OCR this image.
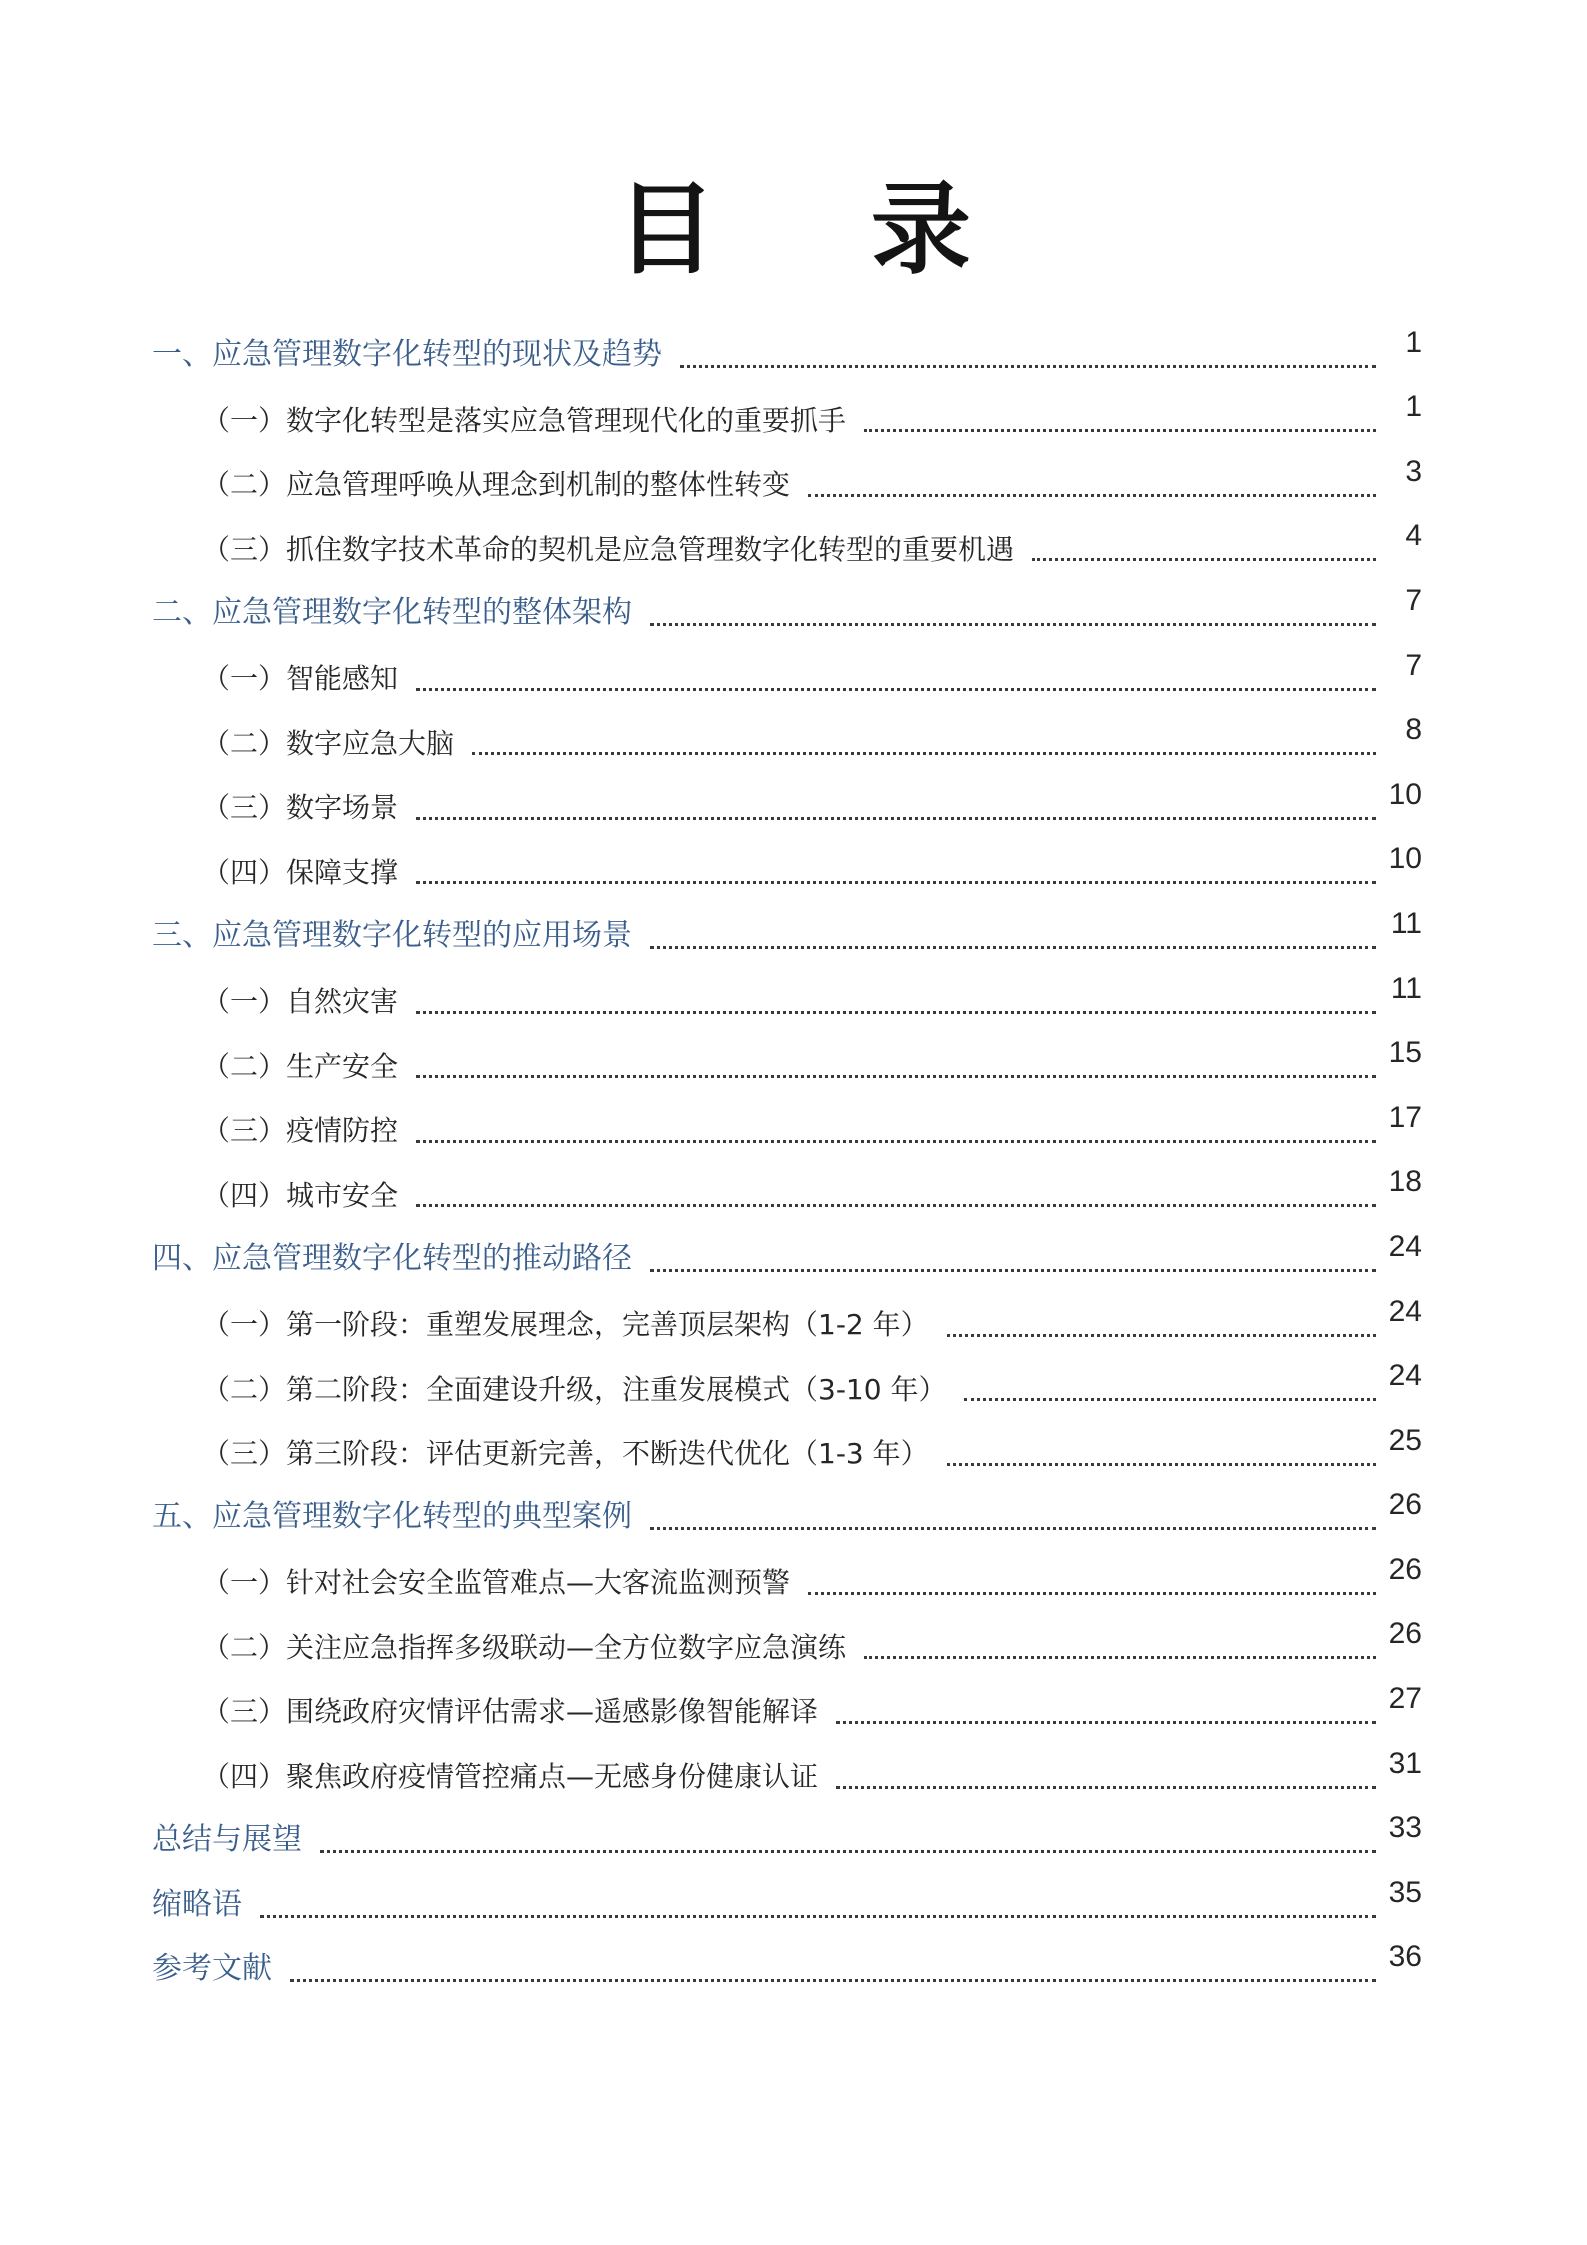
目 录
一、应急管理数字化转型的现状及趋势	1
（一）数字化转型是落实应急管理现代化的重要抓手	1
（二）应急管理呼唤从理念到机制的整体性转变	3
（三）抓住数字技术革命的契机是应急管理数字化转型的重要机遇	4
二、应急管理数字化转型的整体架构	7
（一）智能感知	7
（二）数字应急大脑	8
（三）数字场景	10
（四）保障支撑	10
三、应急管理数字化转型的应用场景	11
（一）自然灾害	11
（二）生产安全	15
（三）疫情防控	17
（四）城市安全	18
四、应急管理数字化转型的推动路径	24
（一）第一阶段：重塑发展理念，完善顶层架构（1-2 年）	24
（二）第二阶段：全面建设升级，注重发展模式（3-10 年）	24
（三）第三阶段：评估更新完善，不断迭代优化（1-3 年）	25
五、应急管理数字化转型的典型案例	26
（一）针对社会安全监管难点—大客流监测预警	26
（二）关注应急指挥多级联动—全方位数字应急演练	26
（三）围绕政府灾情评估需求—遥感影像智能解译	27
（四）聚焦政府疫情管控痛点—无感身份健康认证	31
总结与展望	33
缩略语	35
参考文献	36
